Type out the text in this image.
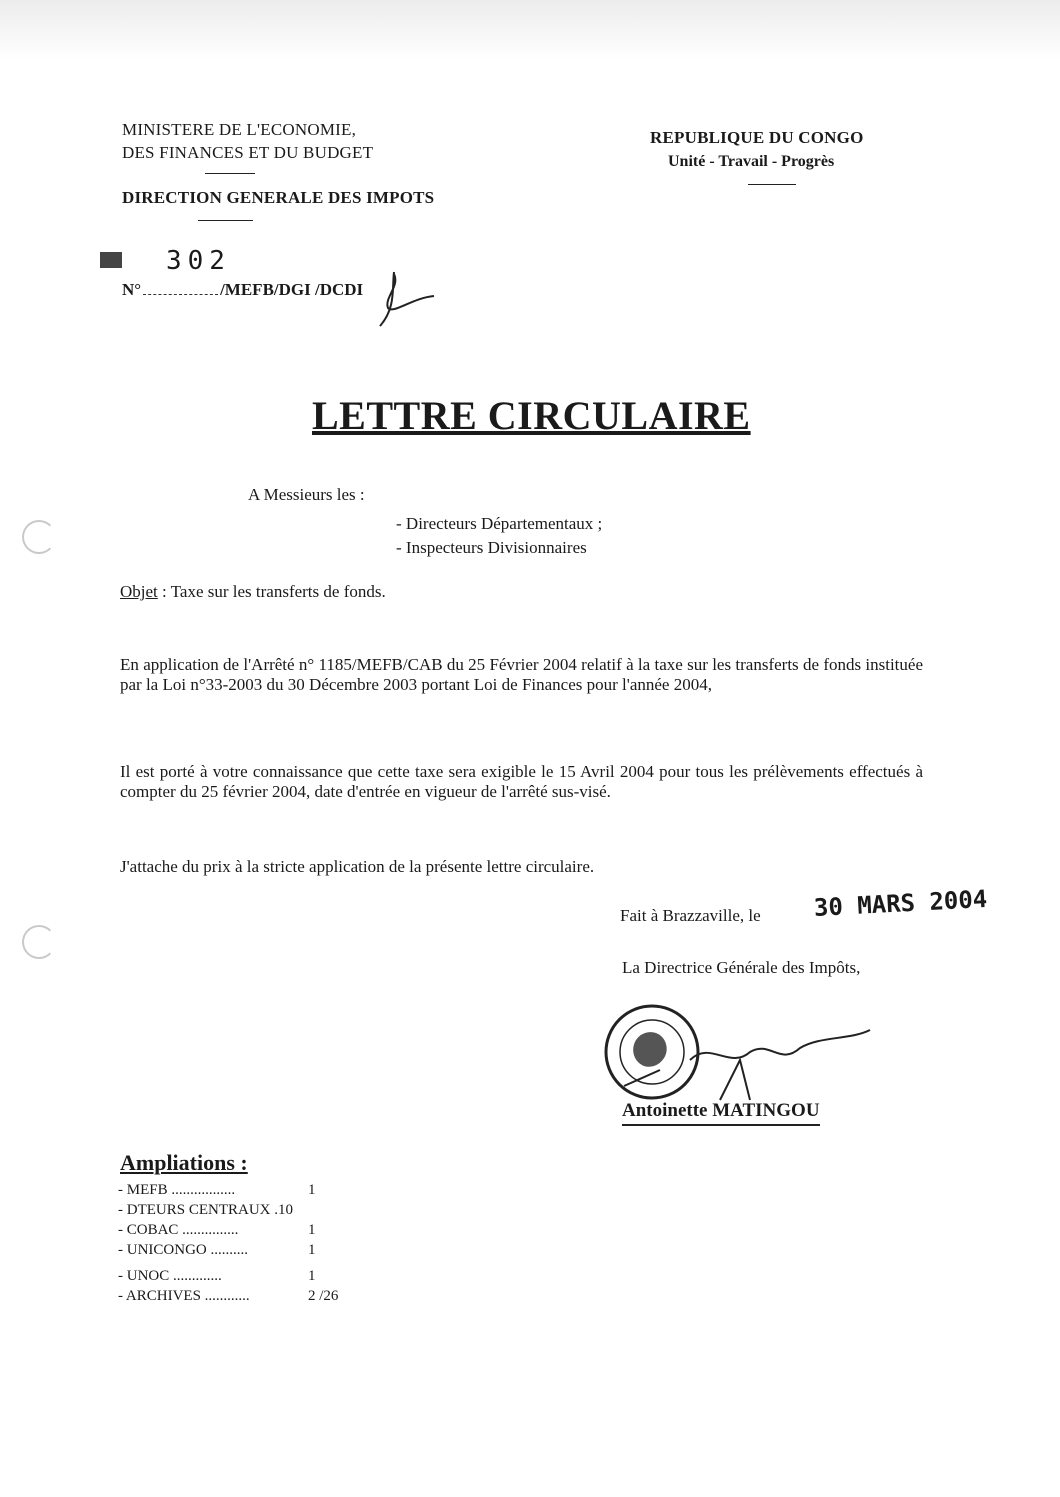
MINISTERE DE L'ECONOMIE,
DES FINANCES ET DU BUDGET
DIRECTION GENERALE DES IMPOTS
REPUBLIQUE DU CONGO
Unité - Travail - Progrès
302
N°	/MEFB/DGI /DCDI
LETTRE CIRCULAIRE
A Messieurs les :
- Directeurs Départementaux ;
- Inspecteurs Divisionnaires
Objet : Taxe sur les transferts de fonds.
En application de l'Arrêté n° 1185/MEFB/CAB du 25 Février 2004 relatif à la taxe sur les transferts de fonds instituée par la Loi n°33-2003 du 30 Décembre 2003 portant Loi de Finances pour l'année 2004,
Il est porté à votre connaissance que cette taxe sera exigible le 15 Avril 2004 pour tous les prélèvements effectués à compter du 25 février 2004, date d'entrée en vigueur de l'arrêté sus-visé.
J'attache du prix à la stricte application de la présente lettre circulaire.
Fait à Brazzaville, le 30 MARS 2004
La Directrice Générale des Impôts,
Antoinette MATINGOU
Ampliations :
- MEFB .................	1
- DTEURS CENTRAUX .10
- COBAC ...............	1
- UNICONGO ..........	1
- UNOC .............	1
- ARCHIVES ............	2 /26
